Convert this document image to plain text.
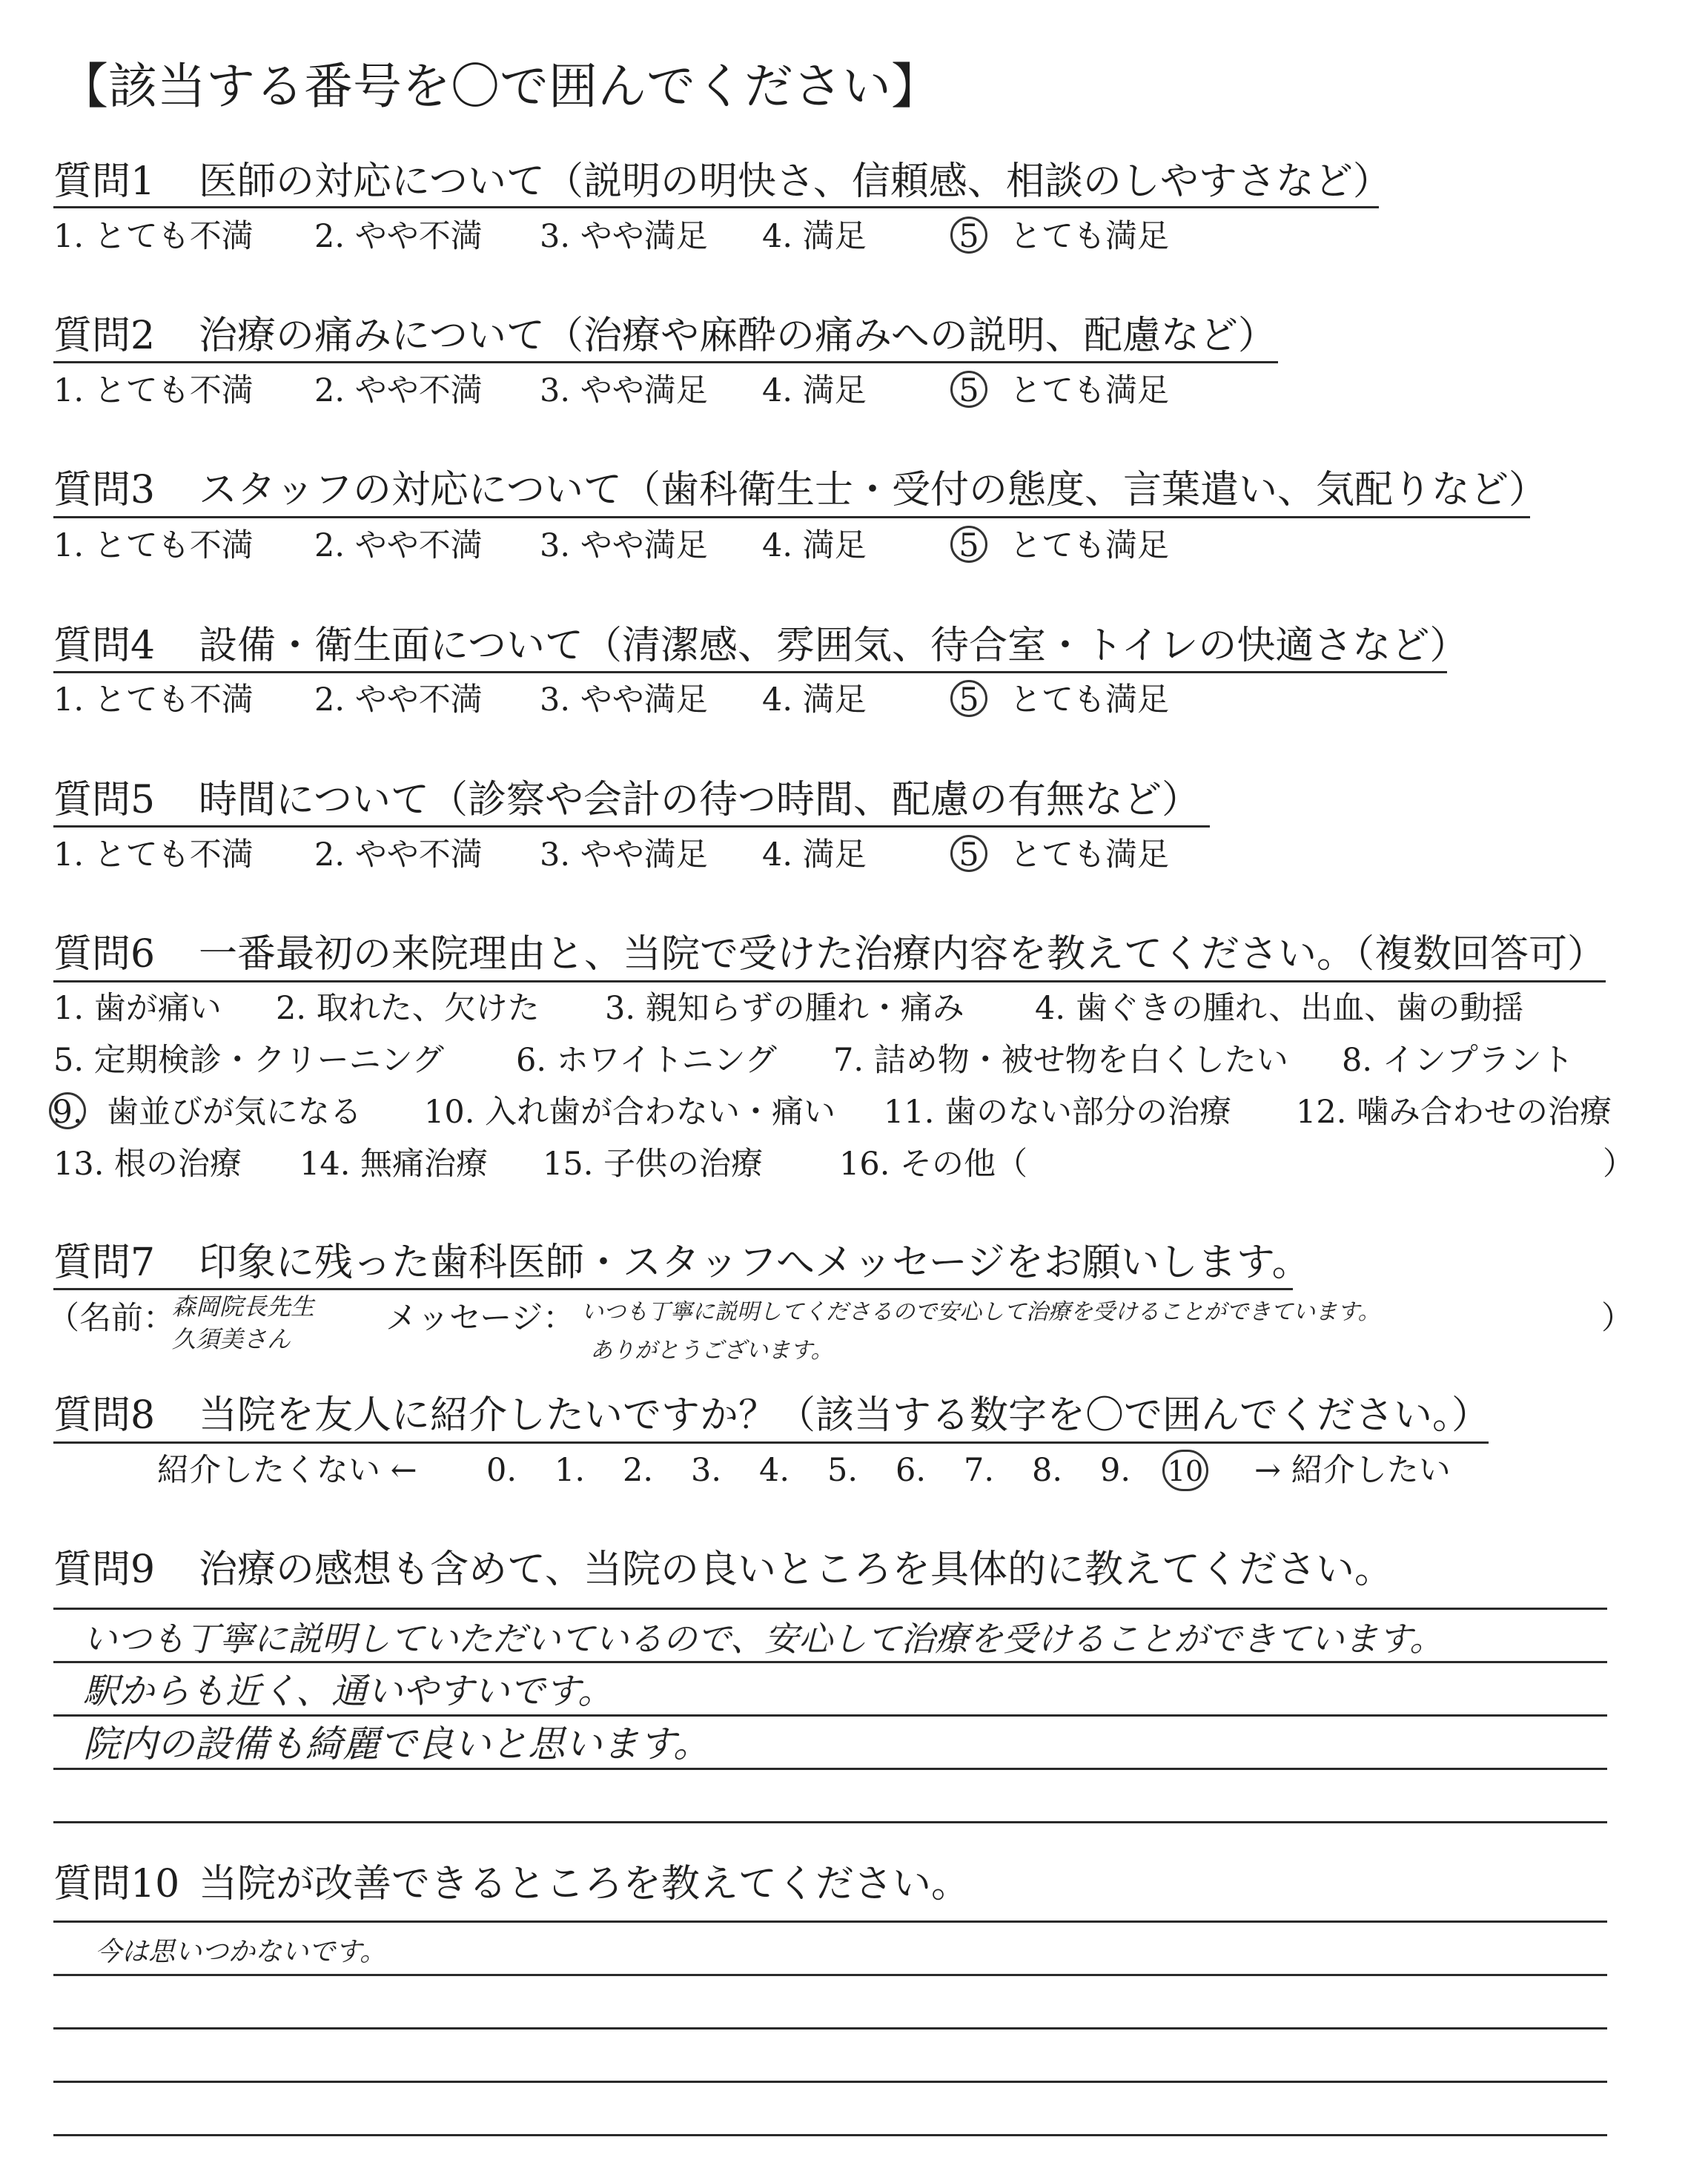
【該当する番号を〇で囲んでください】
質問1 医師の対応について（説明の明快さ、信頼感、相談のしやすさなど）
1. とても不満 2. やや不満 3. やや満足 4. 満足	5 とても満足
質問2 治療の痛みについて（治療や麻酔の痛みへの説明、配慮など）
1. とても不満 2. やや不満 3. やや満足 4. 満足	5 とても満足
質問3 スタッフの対応について（歯科衛生士・受付の態度、言葉遣い、気配りなど）
1. とても不満 2. やや不満 3. やや満足 4. 満足	5 とても満足
質問4 設備・衛生面について（清潔感、雰囲気、待合室・トイレの快適さなど）
1. とても不満 2. やや不満 3. やや満足 4. 満足	5 とても満足
質問5 時間について（診察や会計の待つ時間、配慮の有無など）
1. とても不満 2. やや不満 3. やや満足 4. 満足	5 とても満足
質問6 一番最初の来院理由と、当院で受けた治療内容を教えてください。（複数回答可）
1. 歯が痛い 2. 取れた、欠けた 3. 親知らずの腫れ・痛み 4. 歯ぐきの腫れ、出血、歯の動揺
5. 定期検診・クリーニング 6. ホワイトニング 7. 詰め物・被せ物を白くしたい 8. インプラント
9. 歯並びが気になる 10. 入れ歯が合わない・痛い 11. 歯のない部分の治療 12. 噛み合わせの治療
13. 根の治療 14. 無痛治療 15. 子供の治療 16. その他（	）
質問7 印象に残った歯科医師・スタッフへメッセージをお願いします。
（名前：
森岡院長先生
久須美さん
メッセージ： いつも丁寧に説明してくださるので安心して治療を受けることができています。
ありがとうございます。
）
質問8 当院を友人に紹介したいですか？（該当する数字を〇で囲んでください。）
紹介したくない ← 0. 1. 2. 3. 4. 5. 6. 7. 8. 9. 10 → 紹介したい
質問9 治療の感想も含めて、当院の良いところを具体的に教えてください。
いつも丁寧に説明していただいているので、安心して治療を受けることができています。
駅からも近く、通いやすいです。
院内の設備も綺麗で良いと思います。
質問10 当院が改善できるところを教えてください。
今は思いつかないです。
